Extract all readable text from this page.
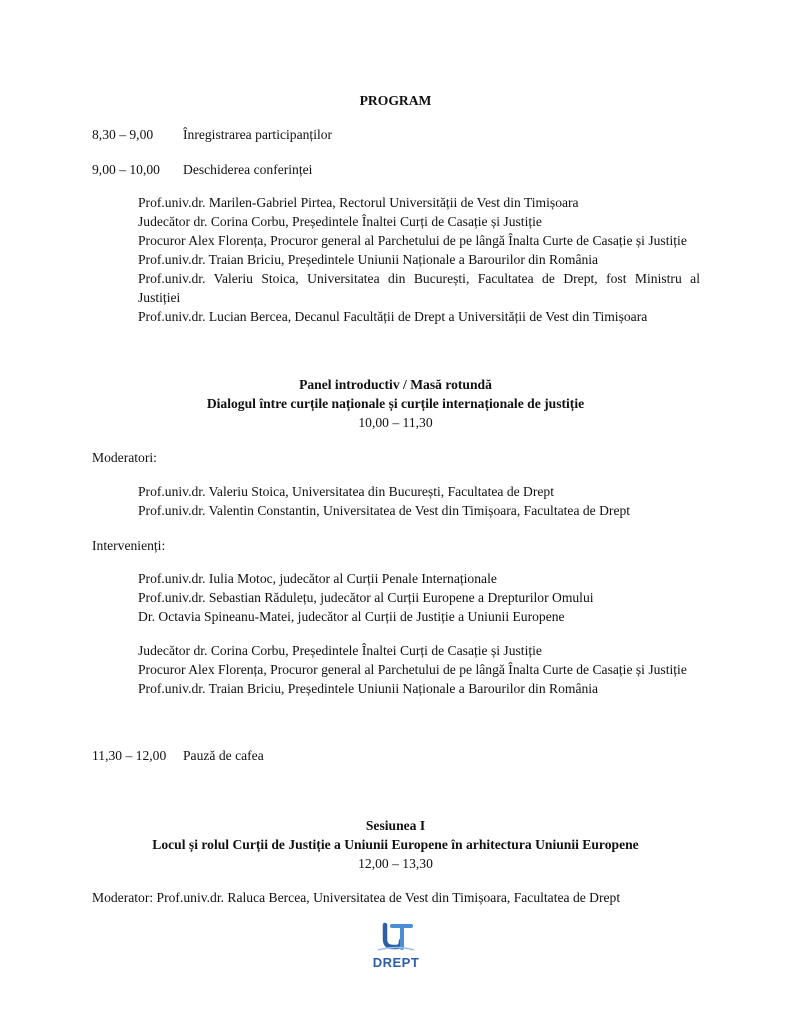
PROGRAM
8,30 – 9,00 Înregistrarea participanților
9,00 – 10,00 Deschiderea conferinței
Prof.univ.dr. Marilen-Gabriel Pirtea, Rectorul Universității de Vest din Timișoara
Judecător dr. Corina Corbu, Președintele Înaltei Curți de Casație și Justiție
Procuror Alex Florența, Procuror general al Parchetului de pe lângă Înalta Curte de Casație și Justiție
Prof.univ.dr. Traian Briciu, Președintele Uniunii Naționale a Barourilor din România
Prof.univ.dr. Valeriu Stoica, Universitatea din București, Facultatea de Drept, fost Ministru al
Justiției
Prof.univ.dr. Lucian Bercea, Decanul Facultății de Drept a Universității de Vest din Timișoara
Panel introductiv / Masă rotundă
Dialogul între curțile naționale și curțile internaționale de justiție
10,00 – 11,30
Moderatori:
Prof.univ.dr. Valeriu Stoica, Universitatea din București, Facultatea de Drept
Prof.univ.dr. Valentin Constantin, Universitatea de Vest din Timișoara, Facultatea de Drept
Intervenienți:
Prof.univ.dr. Iulia Motoc, judecător al Curții Penale Internaționale
Prof.univ.dr. Sebastian Rădulețu, judecător al Curții Europene a Drepturilor Omului
Dr. Octavia Spineanu-Matei, judecător al Curții de Justiție a Uniunii Europene
Judecător dr. Corina Corbu, Președintele Înaltei Curți de Casație și Justiție
Procuror Alex Florența, Procuror general al Parchetului de pe lângă Înalta Curte de Casație și Justiție
Prof.univ.dr. Traian Briciu, Președintele Uniunii Naționale a Barourilor din România
11,30 – 12,00 Pauză de cafea
Sesiunea I
Locul și rolul Curții de Justiție a Uniunii Europene în arhitectura Uniunii Europene
12,00 – 13,30
Moderator: Prof.univ.dr. Raluca Bercea, Universitatea de Vest din Timișoara, Facultatea de Drept
DREPT
